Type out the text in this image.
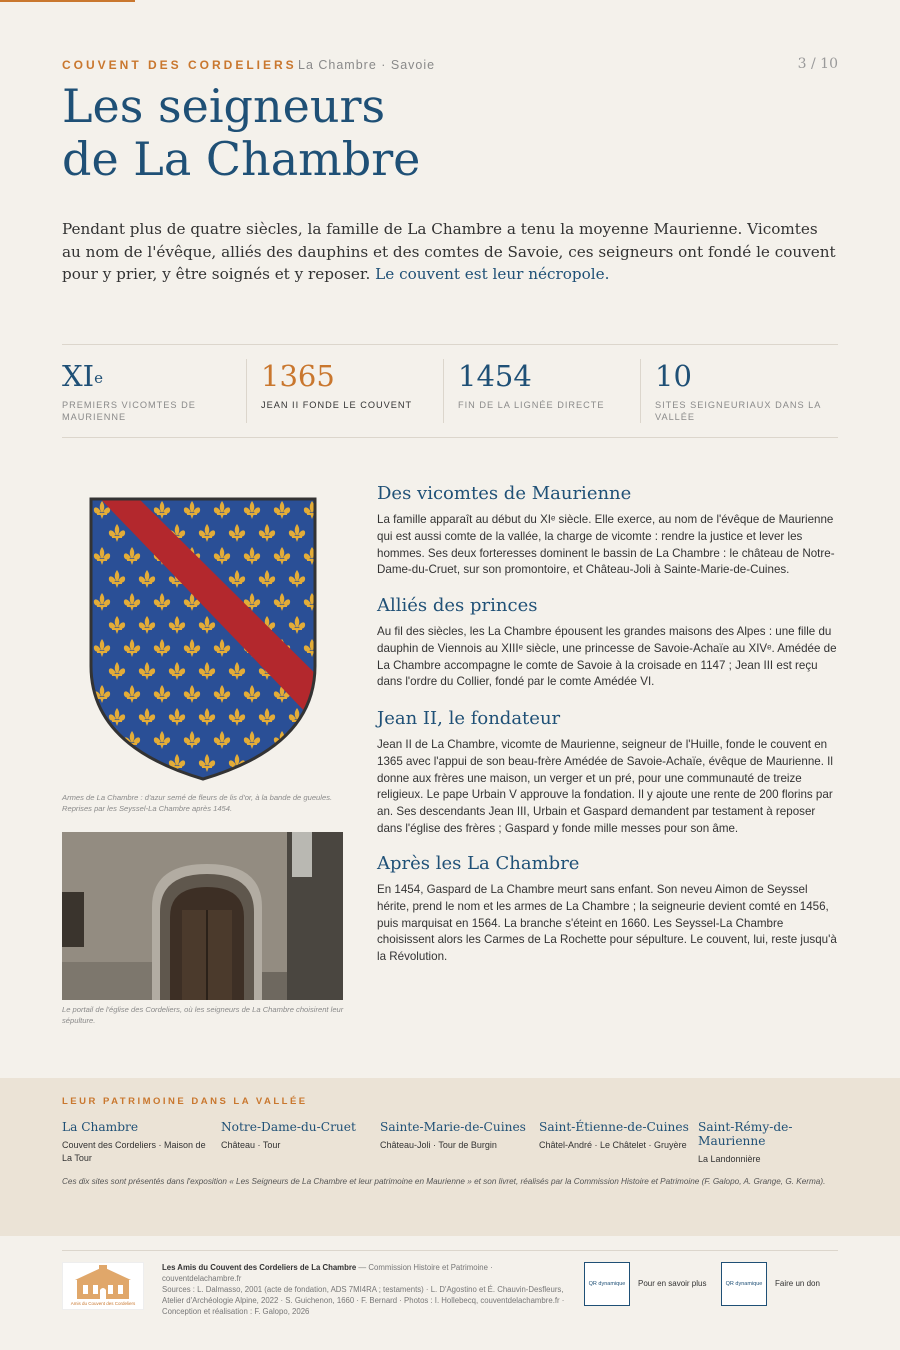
COUVENT DES CORDELIERS La Chambre · Savoie	3 / 10
Les seigneurs
de La Chambre

Pendant plus de quatre siècles, la famille de La Chambre a tenu la moyenne Maurienne. Vicomtes au nom de l'évêque, alliés des dauphins et des comtes de Savoie, ces seigneurs ont fondé le couvent pour y prier, y être soignés et y reposer. Le couvent est leur nécropole.

XIe
PREMIERS VICOMTES DE MAURIENNE
1365
JEAN II FONDE LE COUVENT
1454
FIN DE LA LIGNÉE DIRECTE
10
SITES SEIGNEURIAUX DANS LA VALLÉE

Armes de La Chambre : d'azur semé de fleurs de lis d'or, à la bande de gueules. Reprises par les Seyssel-La Chambre après 1454.

Le portail de l'église des Cordeliers, où les seigneurs de La Chambre choisirent leur sépulture.

Des vicomtes de Maurienne

La famille apparaît au début du XIᵉ siècle. Elle exerce, au nom de l'évêque de Maurienne qui est aussi comte de la vallée, la charge de vicomte : rendre la justice et lever les hommes. Ses deux forteresses dominent le bassin de La Chambre : le château de Notre-Dame-du-Cruet, sur son promontoire, et Château-Joli à Sainte-Marie-de-Cuines.

Alliés des princes

Au fil des siècles, les La Chambre épousent les grandes maisons des Alpes : une fille du dauphin de Viennois au XIIIᵉ siècle, une princesse de Savoie-Achaïe au XIVᵉ. Amédée de La Chambre accompagne le comte de Savoie à la croisade en 1147 ; Jean III est reçu dans l'ordre du Collier, fondé par le comte Amédée VI.

Jean II, le fondateur

Jean II de La Chambre, vicomte de Maurienne, seigneur de l'Huille, fonde le couvent en 1365 avec l'appui de son beau-frère Amédée de Savoie-Achaïe, évêque de Maurienne. Il donne aux frères une maison, un verger et un pré, pour une communauté de treize religieux. Le pape Urbain V approuve la fondation. Il y ajoute une rente de 200 florins par an. Ses descendants Jean III, Urbain et Gaspard demandent par testament à reposer dans l'église des frères ; Gaspard y fonde mille messes pour son âme.

Après les La Chambre

En 1454, Gaspard de La Chambre meurt sans enfant. Son neveu Aimon de Seyssel hérite, prend le nom et les armes de La Chambre ; la seigneurie devient comté en 1456, puis marquisat en 1564. La branche s'éteint en 1660. Les Seyssel-La Chambre choisissent alors les Carmes de La Rochette pour sépulture. Le couvent, lui, reste jusqu'à la Révolution.

LEUR PATRIMOINE DANS LA VALLÉE
La Chambre
Couvent des Cordeliers · Maison de La Tour
Notre-Dame-du-Cruet
Château · Tour
Sainte-Marie-de-Cuines
Château-Joli · Tour de Burgin
Saint-Étienne-de-Cuines
Châtel-André · Le Châtelet · Gruyère
Saint-Rémy-de-Maurienne
La Landonnière
Ces dix sites sont présentés dans l'exposition « Les Seigneurs de La Chambre et leur patrimoine en Maurienne » et son livret, réalisés par la Commission Histoire et Patrimoine (F. Galopo, A. Grange, G. Kerma).
Amis du Couvent des Cordeliers
Les Amis du Couvent des Cordeliers de La Chambre — Commission Histoire et Patrimoine · couventdelachambre.fr
Sources : L. Dalmasso, 2001 (acte de fondation, ADS 7MI4RA ; testaments) · L. D'Agostino et É. Chauvin-Desfleurs, Atelier d'Archéologie Alpine, 2022 · S. Guichenon, 1660 · F. Bernard · Photos : I. Hollebecq, couventdelachambre.fr · Conception et réalisation : F. Galopo, 2026
QR dynamique	Pour en savoir plus	QR dynamique	Faire un don
